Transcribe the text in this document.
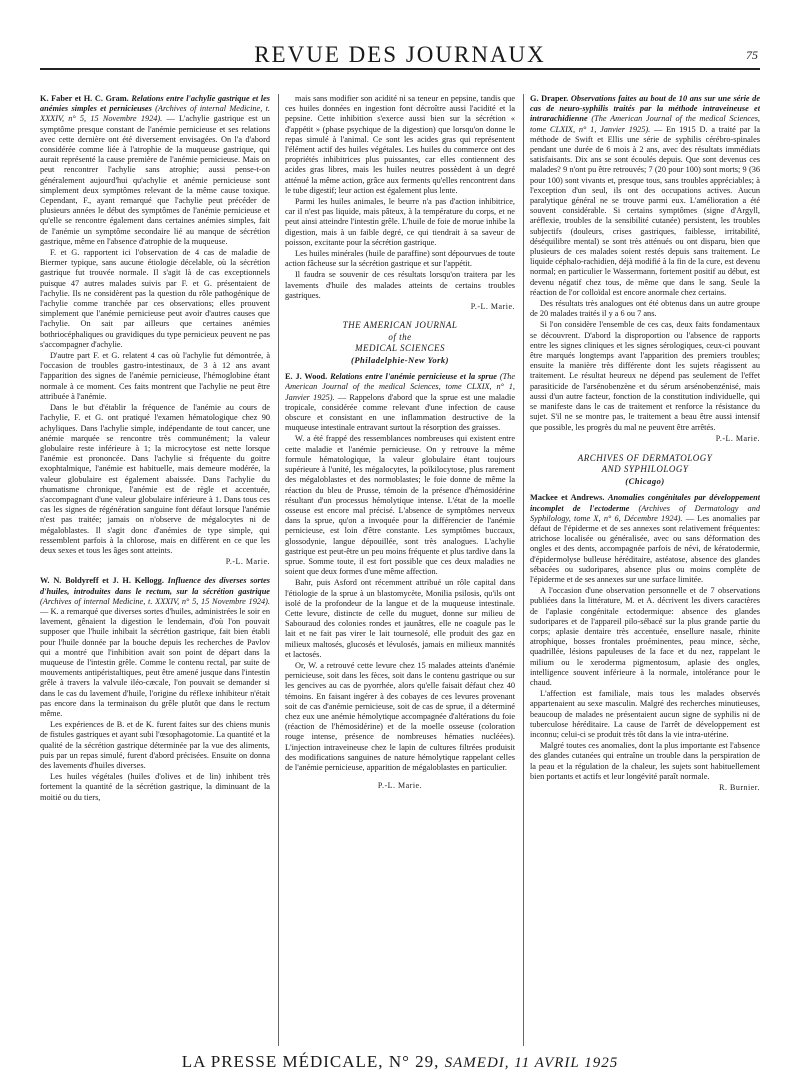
REVUE DES JOURNAUX	75

K. Faber et H. C. Gram. Relations entre l'achylie gastrique et les anémies simples et pernicieuses (Archives of internal Medicine, t. XXXIV, n° 5, 15 Novembre 1924). — L'achylie gastrique est un symptôme presque constant de l'anémie pernicieuse et ses relations avec cette dernière ont été diversement envisagées. On l'a d'abord considérée comme liée à l'atrophie de la muqueuse gastrique, qui aurait représenté la cause première de l'anémie pernicieuse. Mais on peut rencontrer l'achylie sans atrophie; aussi pense-t-on généralement aujourd'hui qu'achylie et anémie pernicieuse sont simplement deux symptômes relevant de la même cause toxique. Cependant, F., ayant remarqué que l'achylie peut précéder de plusieurs années le début des symptômes de l'anémie pernicieuse et qu'elle se rencontre également dans certaines anémies simples, fait de l'anémie un symptôme secondaire lié au manque de sécrétion gastrique, même en l'absence d'atrophie de la muqueuse.

F. et G. rapportent ici l'observation de 4 cas de maladie de Biermer typique, sans aucune étiologie décelable, où la sécrétion gastrique fut trouvée normale. Il s'agit là de cas exceptionnels puisque 47 autres malades suivis par F. et G. présentaient de l'achylie. Ils ne considèrent pas la question du rôle pathogénique de l'achylie comme tranchée par ces observations; elles prouvent simplement que l'anémie pernicieuse peut avoir d'autres causes que l'achylie. On sait par ailleurs que certaines anémies bothriocéphaliques ou gravidiques du type pernicieux peuvent ne pas s'accompagner d'achylie.

D'autre part F. et G. relatent 4 cas où l'achylie fut démontrée, à l'occasion de troubles gastro-intestinaux, de 3 à 12 ans avant l'apparition des signes de l'anémie pernicieuse, l'hémoglobine étant normale à ce moment. Ces faits montrent que l'achylie ne peut être attribuée à l'anémie.

Dans le but d'établir la fréquence de l'anémie au cours de l'achylie, F. et G. ont pratiqué l'examen hématologique chez 90 achyliques. Dans l'achylie simple, indépendante de tout cancer, une anémie marquée se rencontre très communément; la valeur globulaire reste inférieure à 1; la microcytose est nette lorsque l'anémie est prononcée. Dans l'achylie si fréquente du goitre exophtalmique, l'anémie est habituelle, mais demeure modérée, la valeur globulaire est également abaissée. Dans l'achylie du rhumatisme chronique, l'anémie est de règle et accentuée, s'accompagnant d'une valeur globulaire inférieure à 1. Dans tous ces cas les signes de régénération sanguine font défaut lorsque l'anémie n'est pas traitée; jamais on n'observe de mégalocytes ni de mégaloblastes. Il s'agit donc d'anémies de type simple, qui ressemblent parfois à la chlorose, mais en diffèrent en ce que les deux sexes et tous les âges sont atteints.

P.-L. Marie.

W. N. Boldyreff et J. H. Kellogg. Influence des diverses sortes d'huiles, introduites dans le rectum, sur la sécrétion gastrique (Archives of internal Medicine, t. XXXIV, n° 5, 15 Novembre 1924). — K. a remarqué que diverses sortes d'huiles, administrées le soir en lavement, gênaient la digestion le lendemain, d'où l'on pouvait supposer que l'huile inhibait la sécrétion gastrique, fait bien établi pour l'huile donnée par la bouche depuis les recherches de Pavlov qui a montré que l'inhibition avait son point de départ dans la muqueuse de l'intestin grêle. Comme le contenu rectal, par suite de mouvements antipéristaltiques, peut être amené jusque dans l'intestin grêle à travers la valvule iléo-cæcale, l'on pouvait se demander si dans le cas du lavement d'huile, l'origine du réflexe inhibiteur n'était pas encore dans la terminaison du grêle plutôt que dans le rectum même.

Les expériences de B. et de K. furent faites sur des chiens munis de fistules gastriques et ayant subi l'œsophagotomie. La quantité et la qualité de la sécrétion gastrique déterminée par la vue des aliments, puis par un repas simulé, furent d'abord précisées. Ensuite on donna des lavements d'huiles diverses.

Les huiles végétales (huiles d'olives et de lin) inhibent très fortement la quantité de la sécrétion gastrique, la diminuant de la moitié ou du tiers,

mais sans modifier son acidité ni sa teneur en pepsine, tandis que ces huiles données en ingestion font décroître aussi l'acidité et la pepsine. Cette inhibition s'exerce aussi bien sur la sécrétion « d'appétit » (phase psychique de la digestion) que lorsqu'on donne le repas simulé à l'animal. Ce sont les acides gras qui représentent l'élément actif des huiles végétales. Les huiles du commerce ont des propriétés inhibitrices plus puissantes, car elles contiennent des acides gras libres, mais les huiles neutres possèdent à un degré atténué la même action, grâce aux ferments qu'elles rencontrent dans le tube digestif; leur action est également plus lente.

Parmi les huiles animales, le beurre n'a pas d'action inhibitrice, car il n'est pas liquide, mais pâteux, à la température du corps, et ne peut ainsi atteindre l'intestin grêle. L'huile de foie de morue inhibe la digestion, mais à un faible degré, ce qui tiendrait à sa saveur de poisson, excitante pour la sécrétion gastrique.

Les huiles minérales (huile de paraffine) sont dépourvues de toute action fâcheuse sur la sécrétion gastrique et sur l'appétit.

Il faudra se souvenir de ces résultats lorsqu'on traitera par les lavements d'huile des malades atteints de certains troubles gastriques.

P.-L. Marie.

THE AMERICAN JOURNAL
of the
MEDICAL SCIENCES
(Philadelphie-New York)

E. J. Wood. Relations entre l'anémie pernicieuse et la sprue (The American Journal of the medical Sciences, tome CLXIX, n° 1, Janvier 1925). — Rappelons d'abord que la sprue est une maladie tropicale, considérée comme relevant d'une infection de cause obscure et consistant en une inflammation destructive de la muqueuse intestinale entravant surtout la résorption des graisses.

W. a été frappé des ressemblances nombreuses qui existent entre cette maladie et l'anémie pernicieuse. On y retrouve la même formule hématologique, la valeur globulaire étant toujours supérieure à l'unité, les mégalocytes, la poïkilocytose, plus rarement des mégaloblastes et des normoblastes; le foie donne de même la réaction du bleu de Prusse, témoin de la présence d'hémosidérine résultant d'un processus hémolytique intense. L'état de la moelle osseuse est encore mal précisé. L'absence de symptômes nerveux dans la sprue, qu'on a invoquée pour la différencier de l'anémie pernicieuse, est loin d'être constante. Les symptômes buccaux, glossodynie, langue dépouillée, sont très analogues. L'achylie gastrique est peut-être un peu moins fréquente et plus tardive dans la sprue. Somme toute, il est fort possible que ces deux maladies ne soient que deux formes d'une même affection.

Bahr, puis Asford ont récemment attribué un rôle capital dans l'étiologie de la sprue à un blastomycète, Monilia psilosis, qu'ils ont isolé de la profondeur de la langue et de la muqueuse intestinale. Cette levure, distincte de celle du muguet, donne sur milieu de Sabouraud des colonies rondes et jaunâtres, elle ne coagule pas le lait et ne fait pas virer le lait tournesolé, elle produit des gaz en milieux maltosés, glucosés et lévulosés, jamais en milieux mannités et lactosés.

Or, W. a retrouvé cette levure chez 15 malades atteints d'anémie pernicieuse, soit dans les fèces, soit dans le contenu gastrique ou sur les gencives au cas de pyorrhée, alors qu'elle faisait défaut chez 40 témoins. En faisant ingérer à des cobayes de ces levures provenant soit de cas d'anémie pernicieuse, soit de cas de sprue, il a déterminé chez eux une anémie hémolytique accompagnée d'altérations du foie (réaction de l'hémosidérine) et de la moelle osseuse (coloration rouge intense, présence de nombreuses hématies nucléées). L'injection intraveineuse chez le lapin de cultures filtrées produisit des modifications sanguines de nature hémolytique rappelant celles de l'anémie pernicieuse, apparition de mégaloblastes en particulier.

P.-L. Marie.

G. Draper. Observations faites au bout de 10 ans sur une série de cas de neuro-syphilis traités par la méthode intraveineuse et intrarachidienne (The American Journal of the medical Sciences, tome CLXIX, n° 1, Janvier 1925). — En 1915 D. a traité par la méthode de Swift et Ellis une série de syphilis cérébro-spinales pendant une durée de 6 mois à 2 ans, avec des résultats immédiats satisfaisants. Dix ans se sont écoulés depuis. Que sont devenus ces malades? 9 n'ont pu être retrouvés; 7 (20 pour 100) sont morts; 9 (36 pour 100) sont vivants et, presque tous, sans troubles appréciables; à l'exception d'un seul, ils ont des occupations actives. Aucun paralytique général ne se trouve parmi eux. L'amélioration a été souvent considérable. Si certains symptômes (signe d'Argyll, aréflexie, troubles de la sensibilité cutanée) persistent, les troubles subjectifs (douleurs, crises gastriques, faiblesse, irritabilité, déséquilibre mental) se sont très atténués ou ont disparu, bien que plusieurs de ces malades soient restés depuis sans traitement. Le liquide céphalo-rachidien, déjà modifié à la fin de la cure, est devenu normal; en particulier le Wassermann, fortement positif au début, est devenu négatif chez tous, de même que dans le sang. Seule la réaction de l'or colloïdal est encore anormale chez certains.

Des résultats très analogues ont été obtenus dans un autre groupe de 20 malades traités il y a 6 ou 7 ans.

Si l'on considère l'ensemble de ces cas, deux faits fondamentaux se découvrent. D'abord la disproportion ou l'absence de rapports entre les signes cliniques et les signes sérologiques, ceux-ci pouvant être marqués longtemps avant l'apparition des premiers troubles; ensuite la manière très différente dont les sujets réagissent au traitement. Le résultat heureux ne dépend pas seulement de l'effet parasiticide de l'arsénobenzène et du sérum arsénobenzénisé, mais aussi d'un autre facteur, fonction de la constitution individuelle, qui se manifeste dans le cas de traitement et renforce la résistance du sujet. S'il ne se montre pas, le traitement a beau être aussi intensif que possible, les progrès du mal ne peuvent être arrêtés.

P.-L. Marie.

ARCHIVES OF DERMATOLOGY
AND SYPHILOLOGY
(Chicago)

Mackee et Andrews. Anomalies congénitales par développement incomplet de l'ectoderme (Archives of Dermatology and Syphilology, tome X, n° 6, Décembre 1924). — Les anomalies par défaut de l'épiderme et de ses annexes sont relativement fréquentes: atrichose localisée ou généralisée, avec ou sans déformation des ongles et des dents, accompagnée parfois de névi, de kératodermie, d'épidermolyse bulleuse héréditaire, astéatose, absence des glandes sébacées ou sudoripares, absence plus ou moins complète de l'épiderme et de ses annexes sur une surface limitée.

A l'occasion d'une observation personnelle et de 7 observations publiées dans la littérature, M. et A. décrivent les divers caractères de l'aplasie congénitale ectodermique: absence des glandes sudoripares et de l'appareil pilo-sébacé sur la plus grande partie du corps; aplasie dentaire très accentuée, ensellure nasale, rhinite atrophique, bosses frontales proéminentes, peau mince, sèche, quadrillée, lésions papuleuses de la face et du nez, rappelant le milium ou le xeroderma pigmentosum, aplasie des ongles, intelligence souvent inférieure à la normale, intolérance pour le chaud.

L'affection est familiale, mais tous les malades observés appartenaient au sexe masculin. Malgré des recherches minutieuses, beaucoup de malades ne présentaient aucun signe de syphilis ni de tuberculose héréditaire. La cause de l'arrêt de développement est inconnu; celui-ci se produit très tôt dans la vie intra-utérine.

Malgré toutes ces anomalies, dont la plus importante est l'absence des glandes cutanées qui entraîne un trouble dans la perspiration de la peau et la régulation de la chaleur, les sujets sont habituellement bien portants et actifs et leur longévité paraît normale.

R. Burnier.

LA PRESSE MÉDICALE, N° 29, SAMEDI, 11 AVRIL 1925
